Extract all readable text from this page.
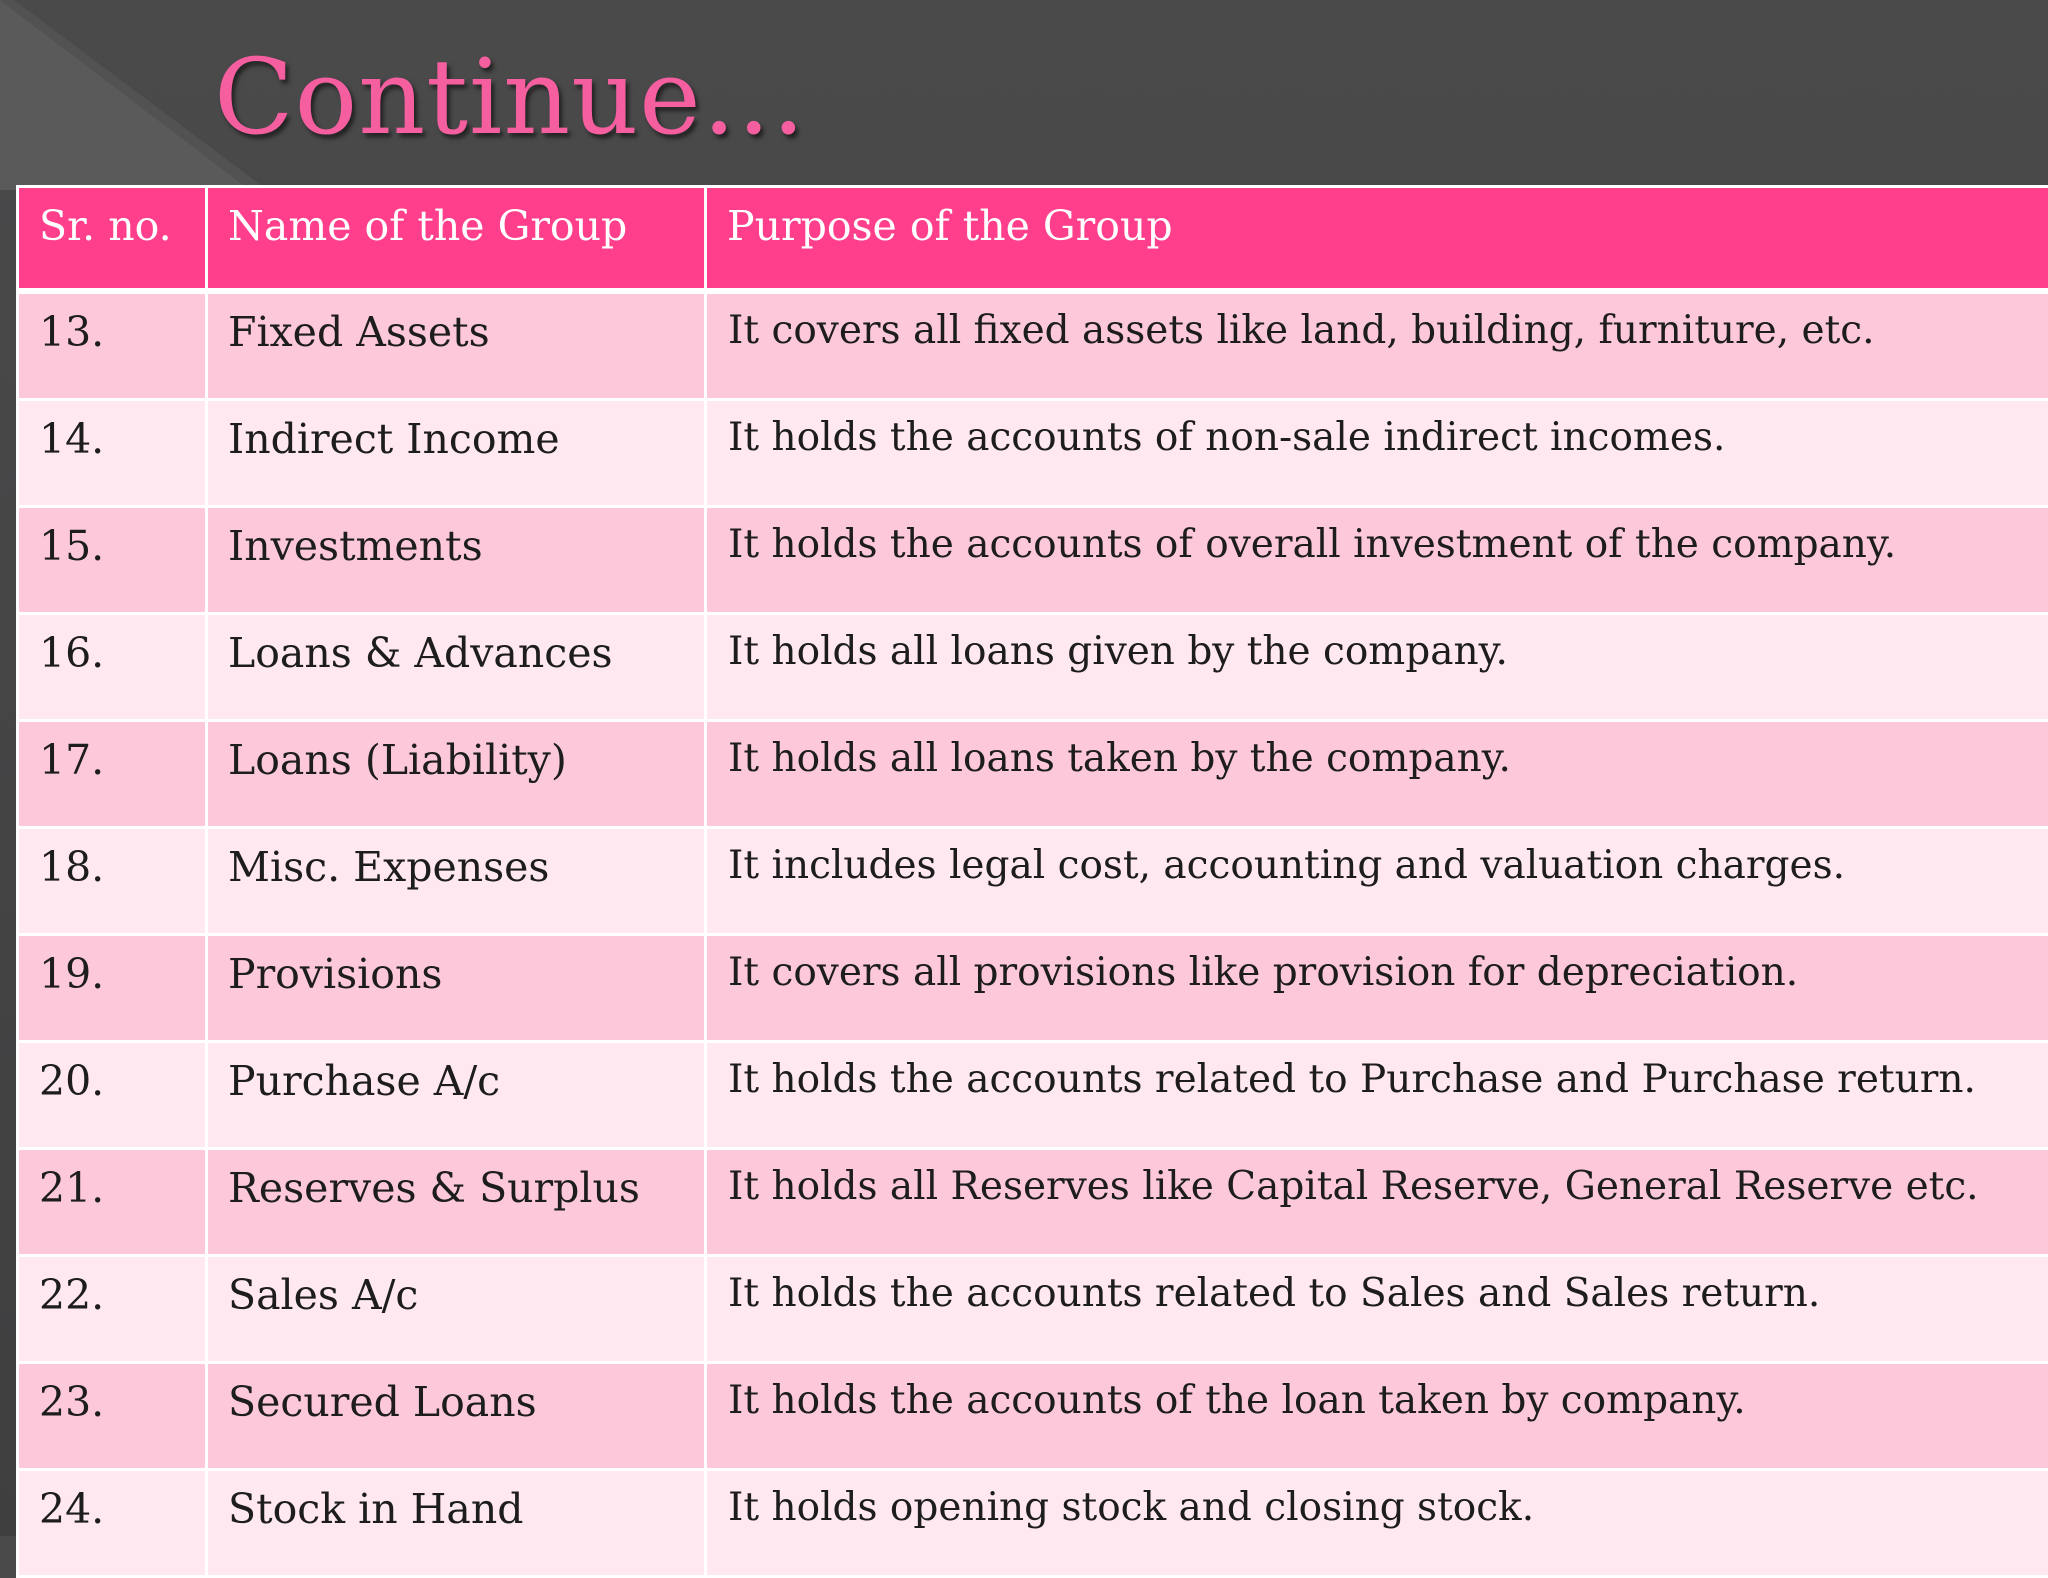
Continue…
Sr. no.	Name of the Group	Purpose of the Group
13.	Fixed Assets	It covers all fixed assets like land, building, furniture, etc.
14.	Indirect Income	It holds the accounts of non-sale indirect incomes.
15.	Investments	It holds the accounts of overall investment of the company.
16.	Loans & Advances	It holds all loans given by the company.
17.	Loans (Liability)	It holds all loans taken by the company.
18.	Misc. Expenses	It includes legal cost, accounting and valuation charges.
19.	Provisions	It covers all provisions like provision for depreciation.
20.	Purchase A/c	It holds the accounts related to Purchase and Purchase return.
21.	Reserves & Surplus	It holds all Reserves like Capital Reserve, General Reserve etc.
22.	Sales A/c	It holds the accounts related to Sales and Sales return.
23.	Secured Loans	It holds the accounts of the loan taken by company.
24.	Stock in Hand	It holds opening stock and closing stock.
